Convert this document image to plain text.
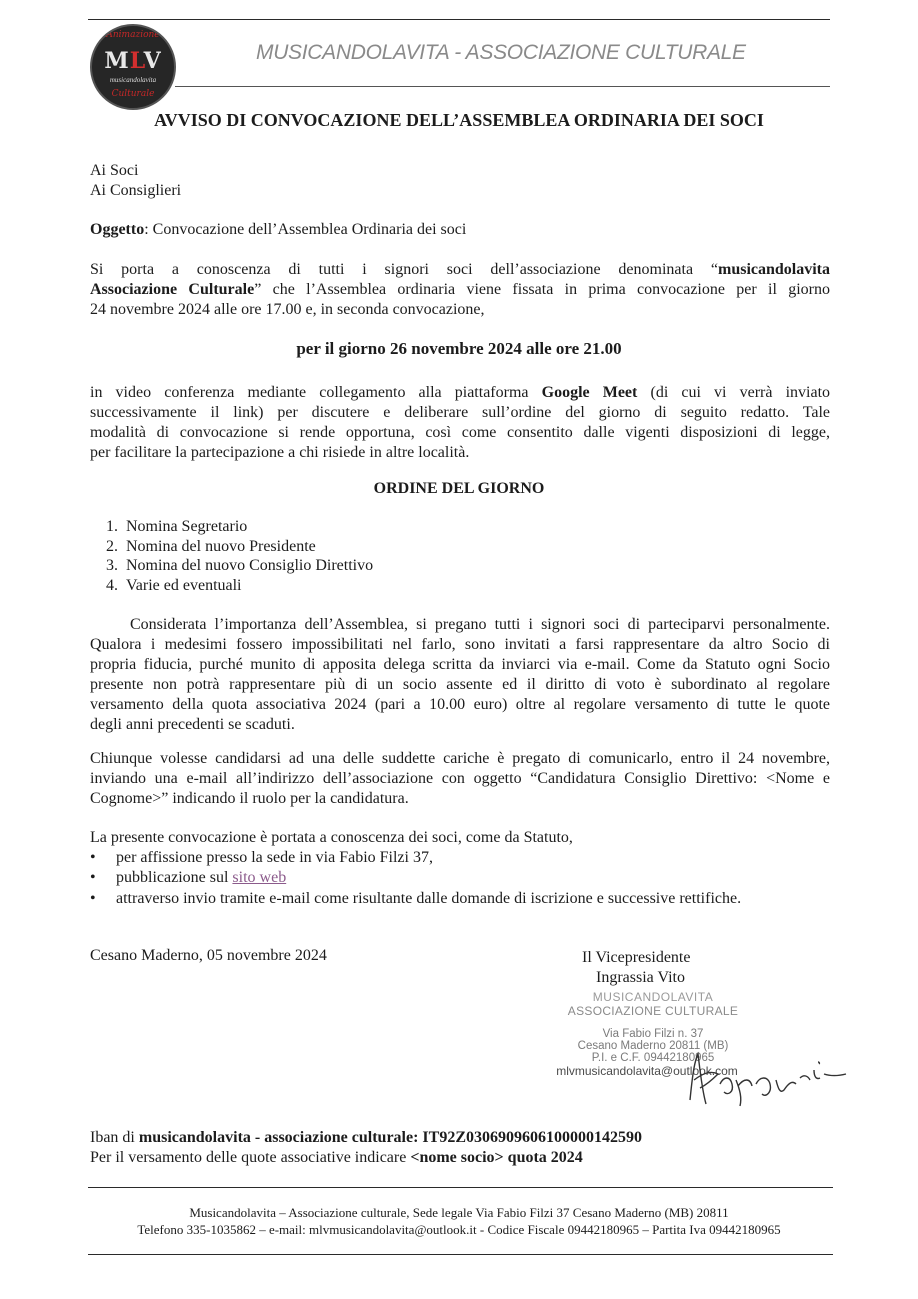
Animazione
MLV
musicandolavita
Culturale
MUSICANDOLAVITA - ASSOCIAZIONE CULTURALE
AVVISO DI CONVOCAZIONE DELL’ASSEMBLEA ORDINARIA DEI SOCI
Ai Soci
Ai Consiglieri
Oggetto: Convocazione dell’Assemblea Ordinaria dei soci
Si porta a conoscenza di tutti i signori soci dell’associazione denominata “musicandolavita
Associazione Culturale” che l’Assemblea ordinaria viene fissata in prima convocazione per il giorno
24 novembre 2024 alle ore 17.00 e, in seconda convocazione,
per il giorno 26 novembre 2024 alle ore 21.00
in video conferenza mediante collegamento alla piattaforma Google Meet (di cui vi verrà inviato
successivamente il link) per discutere e deliberare sull’ordine del giorno di seguito redatto. Tale
modalità di convocazione si rende opportuna, così come consentito dalle vigenti disposizioni di legge,
per facilitare la partecipazione a chi risiede in altre località.
ORDINE DEL GIORNO
1. Nomina Segretario
2. Nomina del nuovo Presidente
3. Nomina del nuovo Consiglio Direttivo
4. Varie ed eventuali
Considerata l’importanza dell’Assemblea, si pregano tutti i signori soci di parteciparvi personalmente.
Qualora i medesimi fossero impossibilitati nel farlo, sono invitati a farsi rappresentare da altro Socio di
propria fiducia, purché munito di apposita delega scritta da inviarci via e-mail. Come da Statuto ogni Socio
presente non potrà rappresentare più di un socio assente ed il diritto di voto è subordinato al regolare
versamento della quota associativa 2024 (pari a 10.00 euro) oltre al regolare versamento di tutte le quote
degli anni precedenti se scaduti.
Chiunque volesse candidarsi ad una delle suddette cariche è pregato di comunicarlo, entro il 24 novembre,
inviando una e-mail all’indirizzo dell’associazione con oggetto “Candidatura Consiglio Direttivo: <Nome e
Cognome>” indicando il ruolo per la candidatura.
La presente convocazione è portata a conoscenza dei soci, come da Statuto,
• per affissione presso la sede in via Fabio Filzi 37,
• pubblicazione sul sito web
• attraverso invio tramite e-mail come risultante dalle domande di iscrizione e successive rettifiche.
Cesano Maderno, 05 novembre 2024	Il Vicepresidente
Ingrassia Vito
MUSICANDOLAVITA
ASSOCIAZIONE CULTURALE
Via Fabio Filzi n. 37
Cesano Maderno 20811 (MB)
P.I. e C.F. 09442180965
mlvmusicandolavita@outlook.com
Iban di musicandolavita - associazione culturale: IT92Z0306909606100000142590
Per il versamento delle quote associative indicare <nome socio> quota 2024
Musicandolavita – Associazione culturale, Sede legale Via Fabio Filzi 37 Cesano Maderno (MB) 20811
Telefono 335-1035862 – e-mail: mlvmusicandolavita@outlook.it - Codice Fiscale 09442180965 – Partita Iva 09442180965
